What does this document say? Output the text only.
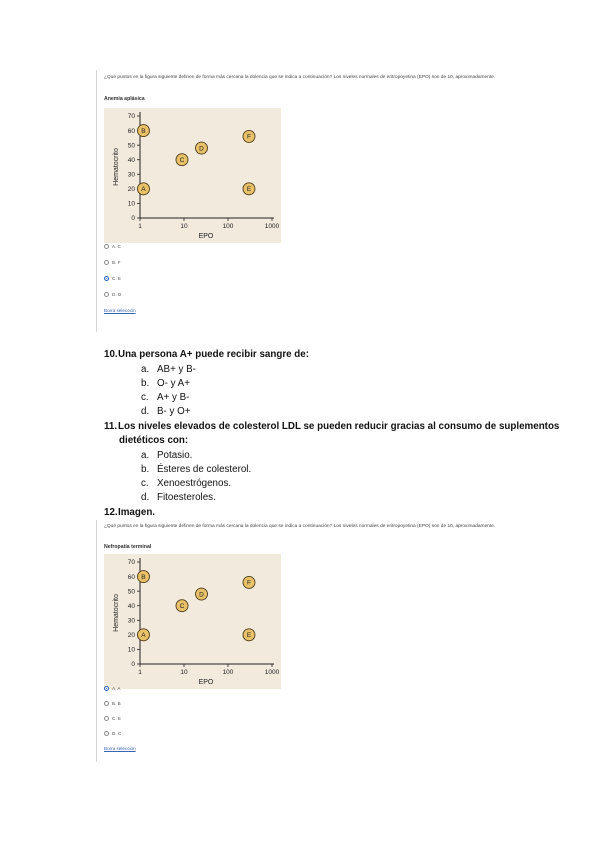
¿Qué puntos en la figura siguiente definen de forma más cercana la dolencia que se indica a continuación? Los niveles normales de eritropoyetina (EPO) son de 10, aproximadamente.
Anemia aplásica
0
10
20
30
40
50
60
70
1	10	100	1000
EPO
Hematocrito
A
B
C
D
E
F
A. C
B. F
C. E
D. D
Borra selección
10.Una persona A+ puede recibir sangre de:
a. AB+ y B-
b. O- y A+
c. A+ y B-
d. B- y O+
11.Los niveles elevados de colesterol LDL se pueden reducir gracias al consumo de suplementos
dietéticos con:
a. Potasio.
b. Ésteres de colesterol.
c. Xenoestrógenos.
d. Fitoesteroles.
12.Imagen.
¿Qué puntos en la figura siguiente definen de forma más cercana la dolencia que se indica a continuación? Los niveles normales de eritropoyetina (EPO) son de 10, aproximadamente.
Nefropatía terminal
0
10
20
30
40
50
60
70
1	10	100	1000
EPO
Hematocrito
A
B
C
D
E
F
A. A
B. B
C. E
D. C
Borra selección
